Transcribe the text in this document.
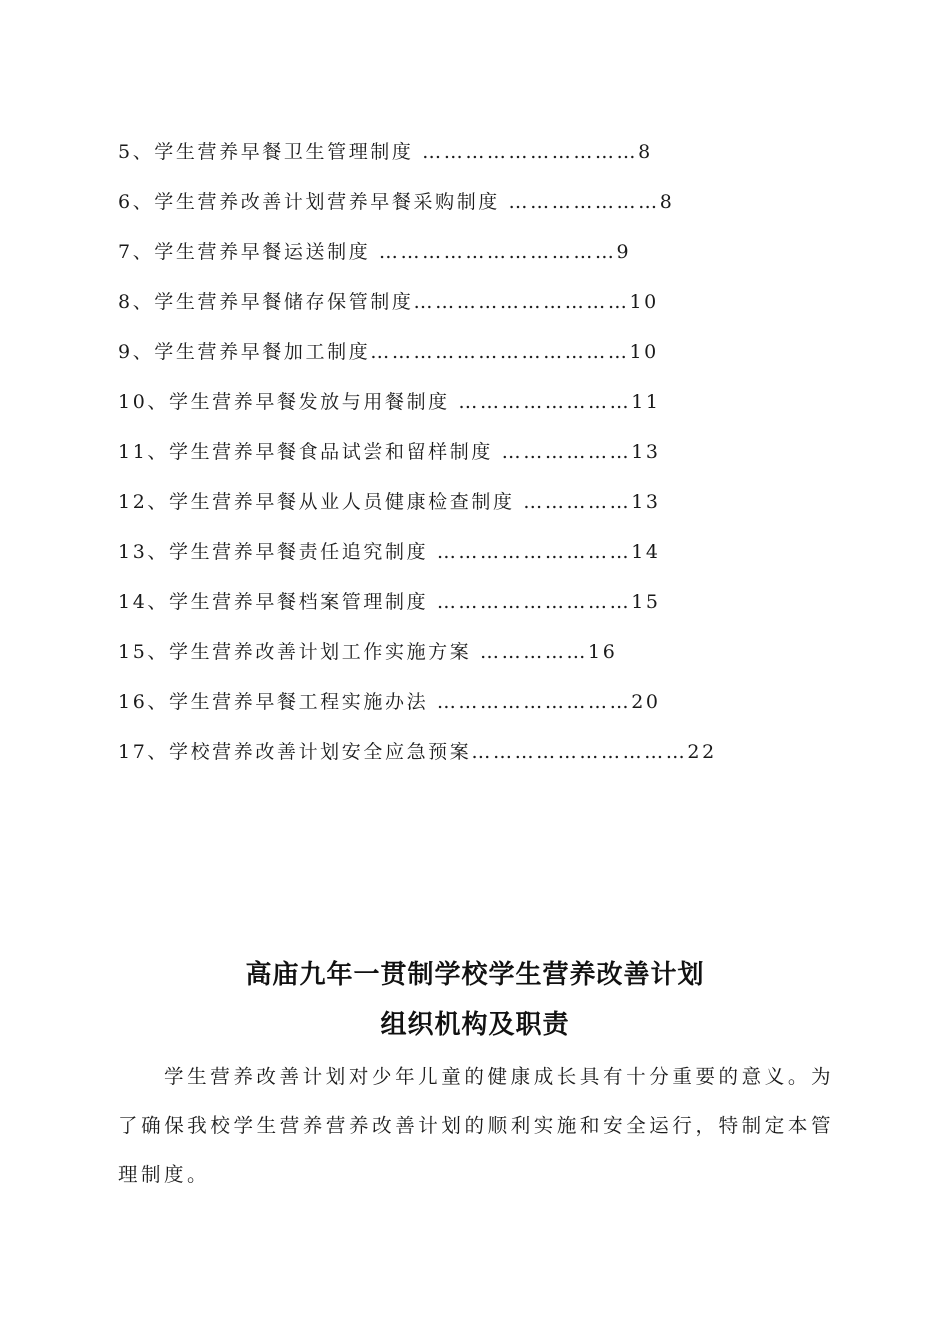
5、学生营养早餐卫生管理制度 …………………………8
6、学生营养改善计划营养早餐采购制度 …………………8
7、学生营养早餐运送制度 ……………………………9
8、学生营养早餐储存保管制度…………………………10
9、学生营养早餐加工制度………………………………10
10、学生营养早餐发放与用餐制度 ……………………11
11、学生营养早餐食品试尝和留样制度 ………………13
12、学生营养早餐从业人员健康检查制度 ……………13
13、学生营养早餐责任追究制度 ………………………14
14、学生营养早餐档案管理制度 ………………………15
15、学生营养改善计划工作实施方案 ……………16
16、学生营养早餐工程实施办法 ………………………20
17、学校营养改善计划安全应急预案…………………………22
高庙九年一贯制学校学生营养改善计划
组织机构及职责
学生营养改善计划对少年儿童的健康成长具有十分重要的意义。为了确保我校学生营养营养改善计划的顺利实施和安全运行，特制定本管理制度。
